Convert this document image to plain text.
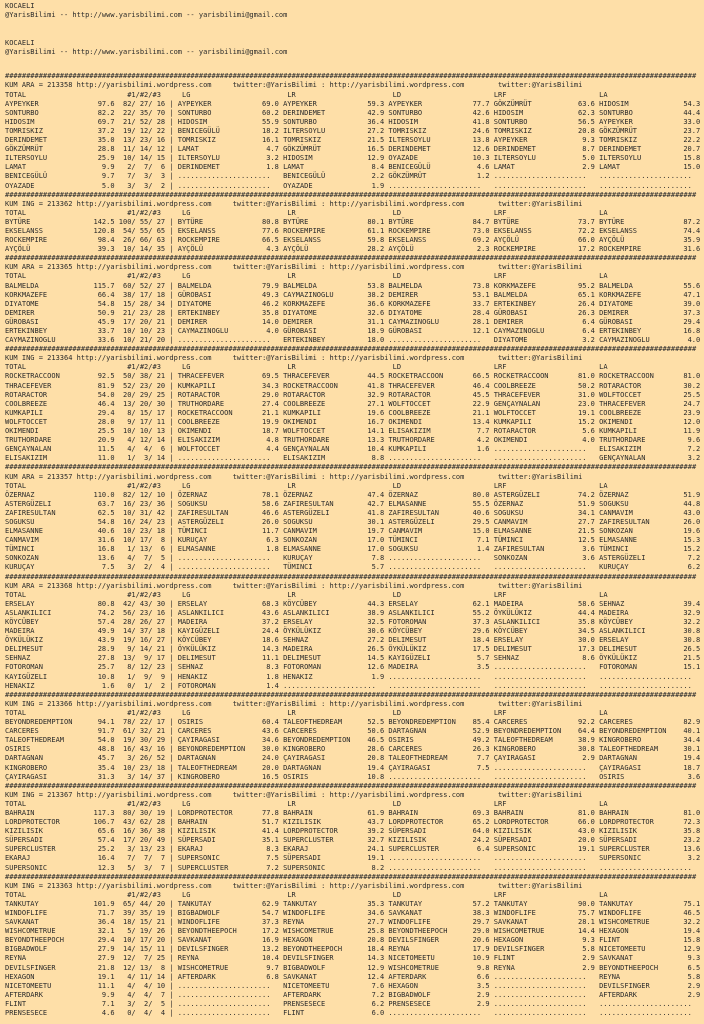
KOCAELI
@YarisBilimi -- http://www.yarisbilimi.com -- yarisbilimi@gmail.com
KOCAELI
@YarisBilimi -- http://www.yarisbilimi.com -- yarisbilimi@gmail.com
####################################################################################################################################################################
KUM ARA = 213358 http://yarisbilimi.wordpress.com	twitter:@YarisBilimi : http://yarisbilimi.wordpress.com	twitter:@YarisBilimi
TOTAL	#1/#2/#3	LG	LR	LD	LRF	LA
AYPEYKER	97.6 82/ 27/ 16 | AYPEYKER	69.0 AYPEYKER	59.3 AYPEYKER	77.7 GÖKZÜMRÜT	63.6 HIDOSIM	54.3
SONTURBO	82.2 22/ 35/ 70 | SONTURBO	60.2 DERINDEMET	42.9 SONTURBO	42.6 HIDOSIM	62.3 SONTURBO	44.4
HIDOSIM	69.7 21/ 52/ 28 | HIDOSIM	55.9 SONTURBO	36.4 HIDOSIM	41.8 SONTURBO	56.5 AYPEYKER	33.0
TOMRISKIZ	37.2 19/ 12/ 22 | BENICEGÜLÜ	18.2 ILTERSOYLU	27.2 TOMRISKIZ	24.6 TOMRISKIZ	20.8 GÖKZÜMRÜT	23.7
DERINDEMET	35.0 13/ 23/ 16 | TOMRISKIZ	16.1 TOMRISKIZ	21.5 ILTERSOYLU	13.8 AYPEYKER	9.3 TOMRISKIZ	22.2
GÖKZÜMRÜT	28.8 11/ 14/ 12 | LAMAT	4.7 GÖKZÜMRÜT	16.5 DERINDEMET	12.6 DERINDEMET	8.7 DERINDEMET	20.7
ILTERSOYLU	25.9 10/ 14/ 15 | ILTERSOYLU	3.2 HIDOSIM	12.9 OYAZADE	10.3 ILTERSOYLU	5.0 ILTERSOYLU	15.8
LAMAT	9.9  2/  7/  6 | DERINDEMET	1.8 LAMAT	8.4 BENICEGÜLÜ	4.6 LAMAT	2.9 LAMAT	15.0
BENICEGÜLÜ	9.7  7/  3/  3 | ...................... BENICEGÜLÜ	2.2 GÖKZÜMRÜT	1.2 ...................... ......................
OYAZADE	5.0  3/  3/  2 | ...................... OYAZADE	1.9 ...................... ...................... ......................
####################################################################################################################################################################
KUM ING = 213362 http://yarisbilimi.wordpress.com	twitter:@YarisBilimi : http://yarisbilimi.wordpress.com	twitter:@YarisBilimi
TOTAL	#1/#2/#3	LG	LR	LD	LRF	LA
BYTÜRE	142.5 100/ 55/ 27 | BYTÜRE	80.8 BYTÜRE	80.1 BYTÜRE	84.7 BYTÜRE	73.7 BYTÜRE	87.2
EKSELANSS	120.8 54/ 55/ 65 | EKSELANSS	77.6 ROCKEMPIRE	61.1 ROCKEMPIRE	73.0 EKSELANSS	72.2 EKSELANSS	74.4
ROCKEMPIRE	98.4 26/ 66/ 63 | ROCKEMPIRE	66.5 EKSELANSS	59.8 EKSELANSS	69.2 AYÇÖLÜ	66.0 AYÇÖLÜ	35.9
AYÇÖLÜ	39.3 10/ 14/ 35 | AYÇÖLÜ	4.3 AYÇÖLÜ	28.2 AYÇÖLÜ	2.3 ROCKEMPIRE	17.2 ROCKEMPIRE	31.6
####################################################################################################################################################################
KUM ARA = 213365 http://yarisbilimi.wordpress.com	twitter:@YarisBilimi : http://yarisbilimi.wordpress.com	twitter:@YarisBilimi
TOTAL	#1/#2/#3	LG	LR	LD	LRF	LA
BALMELDA	115.7 60/ 52/ 27 | BALMELDA	79.9 BALMELDA	53.8 BALMELDA	73.8 KORKMAZEFE	95.2 BALMELDA	55.6
KORKMAZEFE	66.4 38/ 17/ 18 | GÜROBASI	49.3 CAYMAZINOGLU	38.2 DEMIRER	53.1 BALMELDA	65.1 KORKMAZEFE	47.1
DIYATOME	54.8 15/ 28/ 34 | DIYATOME	46.2 KORKMAZEFE	36.6 KORKMAZEFE	33.7 ERTEKINBEY	26.4 DIYATOME	39.0
DEMIRER	50.9 21/ 23/ 28 | ERTEKINBEY	35.8 DIYATOME	32.6 DIYATOME	28.4 GÜROBASI	26.3 DEMIRER	37.3
GÜROBASI	45.9 17/ 20/ 21 | DEMIRER	14.0 DEMIRER	31.1 CAYMAZINOGLU	28.1 DEMIRER	6.4 GÜROBASI	29.4
ERTEKINBEY	33.7 10/ 10/ 23 | CAYMAZINOGLU	4.0 GÜROBASI	18.9 GÜROBASI	12.1 CAYMAZINOGLU	6.4 ERTEKINBEY	16.8
CAYMAZINOGLU	33.6 10/ 21/ 20 | ...................... ERTEKINBEY	18.0 ...................... DIYATOME	3.2 CAYMAZINOGLU	4.0
####################################################################################################################################################################
KUM ING = 213364 http://yarisbilimi.wordpress.com	twitter:@YarisBilimi : http://yarisbilimi.wordpress.com	twitter:@YarisBilimi
TOTAL	#1/#2/#3	LG	LR	LD	LRF	LA
ROCKETRACCOON	92.5 50/ 38/ 21 | THRACEFEVER	69.5 THRACEFEVER	44.5 ROCKETRACCOON	66.5 ROCKETRACCOON	81.0 ROCKETRACCOON	81.0
THRACEFEVER	81.9 52/ 23/ 20 | KUMKAPILI	34.3 ROCKETRACCOON	41.8 THRACEFEVER	46.4 COOLBREEZE	50.2 ROTARACTOR	30.2
ROTARACTOR	54.0 20/ 29/ 25 | ROTARACTOR	29.0 ROTARACTOR	32.9 ROTARACTOR	45.5 THRACEFEVER	31.0 WOLFTOCCET	25.5
COOLBREEZE	46.4 13/ 20/ 30 | TRUTHORDARE	27.4 COOLBREEZE	27.1 WOLFTOCCET	22.9 GENÇAYNALAN	23.0 THRACEFEVER	24.7
KUMKAPILI	29.4  8/ 15/ 17 | ROCKETRACCOON	21.1 KUMKAPILI	19.6 COOLBREEZE	21.1 WOLFTOCCET	19.1 COOLBREEZE	23.9
WOLFTOCCET	28.0  9/ 17/ 11 | COOLBREEZE	19.9 OKIMENDI	16.7 OKIMENDI	13.4 KUMKAPILI	15.2 OKIMENDI	12.0
OKIMENDI	25.5 10/ 10/ 13 | OKIMENDI	18.7 WOLFTOCCET	14.1 ELISAKIZIM	7.7 ROTARACTOR	5.6 KUMKAPILI	11.9
TRUTHORDARE	20.9  4/ 12/ 14 | ELISAKIZIM	4.8 TRUTHORDARE	13.3 TRUTHORDARE	4.2 OKIMENDI	4.0 TRUTHORDARE	9.6
GENÇAYNALAN	11.5  4/  4/  6 | WOLFTOCCET	4.4 GENÇAYNALAN	10.4 KUMKAPILI	1.6 ...................... ELISAKIZIM	7.2
ELISAKIZIM	11.0  1/  3/ 14 | ...................... ELISAKIZIM	8.8 ...................... ...................... GENÇAYNALAN	3.2
####################################################################################################################################################################
KUM ARA = 213357 http://yarisbilimi.wordpress.com	twitter:@YarisBilimi : http://yarisbilimi.wordpress.com	twitter:@YarisBilimi
TOTAL	#1/#2/#3	LG	LR	LD	LRF	LA
ÖZERNAZ	110.0 82/ 12/ 10 | ÖZERNAZ	78.1 ÖZERNAZ	47.4 ÖZERNAZ	80.0 ASTERGÜZELI	74.2 ÖZERNAZ	51.9
ASTERGÜZELI	63.7 16/ 23/ 36 | SOGUKSU	58.6 ZAFIRESULTAN	42.7 ELMASANNE	55.5 ÖZERNAZ	51.9 SOGUKSU	44.8
ZAFIRESULTAN	62.5 10/ 31/ 42 | ZAFIRESULTAN	46.6 ASTERGÜZELI	41.8 ZAFIRESULTAN	40.6 SOGUKSU	34.1 CANMAVIM	43.0
SOGUKSU	54.8 16/ 24/ 23 | ASTERGÜZELI	26.0 SOGUKSU	30.1 ASTERGÜZELI	29.5 CANMAVIM	27.7 ZAFIRESULTAN	26.0
ELMASANNE	40.6 10/ 23/ 18 | TÜMINCI	11.7 CANMAVIM	19.7 CANMAVIM	15.0 ELMASANNE	21.5 SONKOZAN	19.6
CANMAVIM	31.6 10/ 17/  8 | KURUÇAY	6.3 SONKOZAN	17.0 TÜMINCI	7.1 TÜMINCI	12.5 ELMASANNE	15.3
TÜMINCI	16.8  1/ 13/  6 | ELMASANNE	1.8 ELMASANNE	17.0 SOGUKSU	1.4 ZAFIRESULTAN	3.6 TÜMINCI	15.2
SONKOZAN	13.6  4/  7/  5 | ...................... KURUÇAY	7.8 ...................... SONKOZAN	3.6 ASTERGÜZELI	7.2
KURUÇAY	7.5  3/  2/  4 | ...................... TÜMINCI	5.7 ...................... ...................... KURUÇAY	6.2
####################################################################################################################################################################
KUM ARA = 213368 http://yarisbilimi.wordpress.com	twitter:@YarisBilimi : http://yarisbilimi.wordpress.com	twitter:@YarisBilimi
TOTAL	#1/#2/#3	LG	LR	LD	LRF	LA
ERSELAY	80.8 42/ 43/ 30 | ERSELAY	68.3 KÖYCÜBEY	44.3 ERSELAY	62.1 MADEIRA	58.6 SEHNAZ	39.4
ASLANKILICI	74.2 56/ 23/ 16 | ASLANKILICI	43.6 ASLANKILICI	38.9 ASLANKILICI	55.2 ÖYKÜLÜKIZ	44.4 MADEIRA	32.9
KÖYCÜBEY	57.4 28/ 26/ 27 | MADEIRA	37.2 ERSELAY	32.5 FOTOROMAN	37.3 ASLANKILICI	35.8 KÖYCÜBEY	32.2
MADEIRA	49.9 14/ 37/ 18 | KAYIGÜZELI	24.4 ÖYKÜLÜKIZ	30.6 KÖYCÜBEY	29.6 KÖYCÜBEY	34.5 ASLANKILICI	30.8
ÖYKÜLÜKIZ	43.9 19/ 16/ 27 | KÖYCÜBEY	18.6 SEHNAZ	27.2 DELIMESUT	18.4 ERSELAY	30.0 ERSELAY	30.8
DELIMESUT	28.9  9/ 14/ 21 | ÖYKÜLÜKIZ	14.3 MADEIRA	26.5 ÖYKÜLÜKIZ	17.5 DELIMESUT	17.3 DELIMESUT	26.5
SEHNAZ	27.8 13/  9/ 17 | DELIMESUT	11.1 DELIMESUT	14.5 KAYIGÜZELI	5.7 SEHNAZ	8.6 ÖYKÜLÜKIZ	21.5
FOTOROMAN	25.7  8/ 12/ 23 | SEHNAZ	8.3 FOTOROMAN	12.6 MADEIRA	3.5 ...................... FOTOROMAN	15.1
KAYIGÜZELI	10.8  1/  9/  9 | HENAKIZ	1.8 HENAKIZ	1.9 ...................... ...................... ......................
HENAKIZ	1.6  0/  1/  2 | FOTOROMAN	1.4 ...................... ...................... ...................... ......................
####################################################################################################################################################################
KUM ING = 213366 http://yarisbilimi.wordpress.com	twitter:@YarisBilimi : http://yarisbilimi.wordpress.com	twitter:@YarisBilimi
TOTAL	#1/#2/#3	LG	LR	LD	LRF	LA
BEYONDREDEMPTION	94.1 78/ 22/ 17 | OSIRIS	60.4 TALEOFTHEDREAM	52.5 BEYONDREDEMPTION 85.4 CARCERES	92.2 CARCERES	82.9
CARCERES	91.7 61/ 32/ 21 | CARCERES	43.6 CARCERES	50.6 DARTAGNAN	52.9 BEYONDREDEMPTION 64.4 BEYONDREDEMPTION 40.1
TALEOFTHEDREAM	54.0 19/ 30/ 29 | ÇAYIRAGASI	34.6 BEYONDREDEMPTION 46.5 OSIRIS	49.2 TALEOFTHEDREAM	38.9 KINGROBERO	34.4
OSIRIS	48.8 16/ 43/ 16 | BEYONDREDEMPTION 30.0 KINGROBERO	28.6 CARCERES	26.3 KINGROBERO	30.8 TALEOFTHEDREAM	30.1
DARTAGNAN	45.7  3/ 26/ 52 | DARTAGNAN	24.0 ÇAYIRAGASI	20.8 TALEOFTHEDREAM	7.7 ÇAYIRAGASI	2.9 DARTAGNAN	19.4
KINGROBERO	35.4 10/ 23/ 18 | TALEOFTHEDREAM	20.0 DARTAGNAN	19.4 ÇAYIRAGASI	7.5 ...................... ÇAYIRAGASI	18.7
ÇAYIRAGASI	31.3  3/ 14/ 37 | KINGROBERO	16.5 OSIRIS	10.8 ...................... ...................... OSIRIS	3.6
####################################################################################################################################################################
KUM ING = 213367 http://yarisbilimi.wordpress.com	twitter:@YarisBilimi : http://yarisbilimi.wordpress.com	twitter:@YarisBilimi
TOTAL	#1/#2/#3	LG	LR	LD	LRF	LA
BAHRAIN	117.3 80/ 30/ 19 | LORDPROTECTOR	77.8 BAHRAIN	61.9 BAHRAIN	69.3 BAHRAIN	81.0 BAHRAIN	81.0
LORDPROTECTOR	106.7 43/ 62/ 28 | BAHRAIN	51.7 KIZILISIK	43.7 LORDPROTECTOR	65.2 LORDPROTECTOR	66.0 LORDPROTECTOR	72.3
KIZILISIK	65.6 16/ 36/ 38 | KIZILISIK	41.4 LORDPROTECTOR	39.2 SÜPERSADI	64.0 KIZILISIK	43.0 KIZILISIK	35.8
SÜPERSADI	57.4 17/ 20/ 49 | SÜPERSADI	35.1 SUPERCLUSTER	32.7 KIZILISIK	24.2 SÜPERSADI	20.0 SÜPERSADI	23.2
SUPERCLUSTER	25.2  3/ 13/ 23 | EKARAJ	8.3 EKARAJ	24.1 SUPERCLUSTER	6.4 SUPERSONIC	19.1 SUPERCLUSTER	13.6
EKARAJ	16.4  7/  7/  7 | SUPERSONIC	7.5 SÜPERSADI	19.1 ...................... ...................... SUPERSONIC	3.2
SUPERSONIC	12.3  5/  3/  7 | SUPERCLUSTER	7.2 SUPERSONIC	8.2 ...................... ...................... ......................
####################################################################################################################################################################
KUM ING = 213363 http://yarisbilimi.wordpress.com	twitter:@YarisBilimi : http://yarisbilimi.wordpress.com	twitter:@YarisBilimi
TOTAL	#1/#2/#3	LG	LR	LD	LRF	LA
TANKUTAY	101.9 65/ 44/ 20 | TANKUTAY	62.9 TANKUTAY	35.3 TANKUTAY	57.2 TANKUTAY	90.0 TANKUTAY	75.1
WINDOFLIFE	71.7 39/ 35/ 19 | BIGBADWOLF	54.7 WINDOFLIFE	34.6 SAVKANAT	38.3 WINDOFLIFE	75.7 WINDOFLIFE	46.5
SAVKANAT	36.4 18/ 15/ 21 | WINDOFLIFE	37.3 REYNA	27.7 WINDOFLIFE	29.7 SAVKANAT	28.1 WISHCOMETRUE	32.2
WISHCOMETRUE	32.1  5/ 19/ 26 | BEYONDTHEEPOCH	17.2 WISHCOMETRUE	25.8 BEYONDTHEEPOCH	29.0 WISHCOMETRUE	14.4 HEXAGON	19.4
BEYONDTHEEPOCH	29.4 10/ 17/ 20 | SAVKANAT	16.9 HEXAGON	20.8 DEVILSFINGER	20.6 HEXAGON	9.3 FLINT	15.8
BIGBADWOLF	27.9 14/ 15/ 11 | DEVILSFINGER	13.2 BEYONDTHEEPOCH	18.4 REYNA	17.9 DEVILSFINGER	5.8 NICETOMEETU	12.9
REYNA	27.9 12/  7/ 25 | REYNA	10.4 DEVILSFINGER	14.3 NICETOMEETU	10.9 FLINT	2.9 SAVKANAT	9.3
DEVILSFINGER	21.8 12/ 13/  8 | WISHCOMETRUE	9.7 BIGBADWOLF	12.9 WISHCOMETRUE	9.8 REYNA	2.9 BEYONDTHEEPOCH	6.5
HEXAGON	19.1  4/ 11/ 14 | AFTERDARK	6.8 SAVKANAT	12.4 AFTERDARK	6.6 ...................... REYNA	5.8
NICETOMEETU	11.1  4/  4/ 10 | ...................... NICETOMEETU	7.6 HEXAGON	3.5 ...................... DEVILSFINGER	2.9
AFTERDARK	9.9  4/  4/  7 | ...................... AFTERDARK	7.2 BIGBADWOLF	2.9 ...................... AFTERDARK	2.9
FLINT	7.1  3/  2/  5 | ...................... PRENSESECE	6.2 PRENSESECE	2.9 ...................... ......................
PRENSESECE	4.6  0/  4/  4 | ...................... FLINT	6.0 ...................... ...................... ......................
